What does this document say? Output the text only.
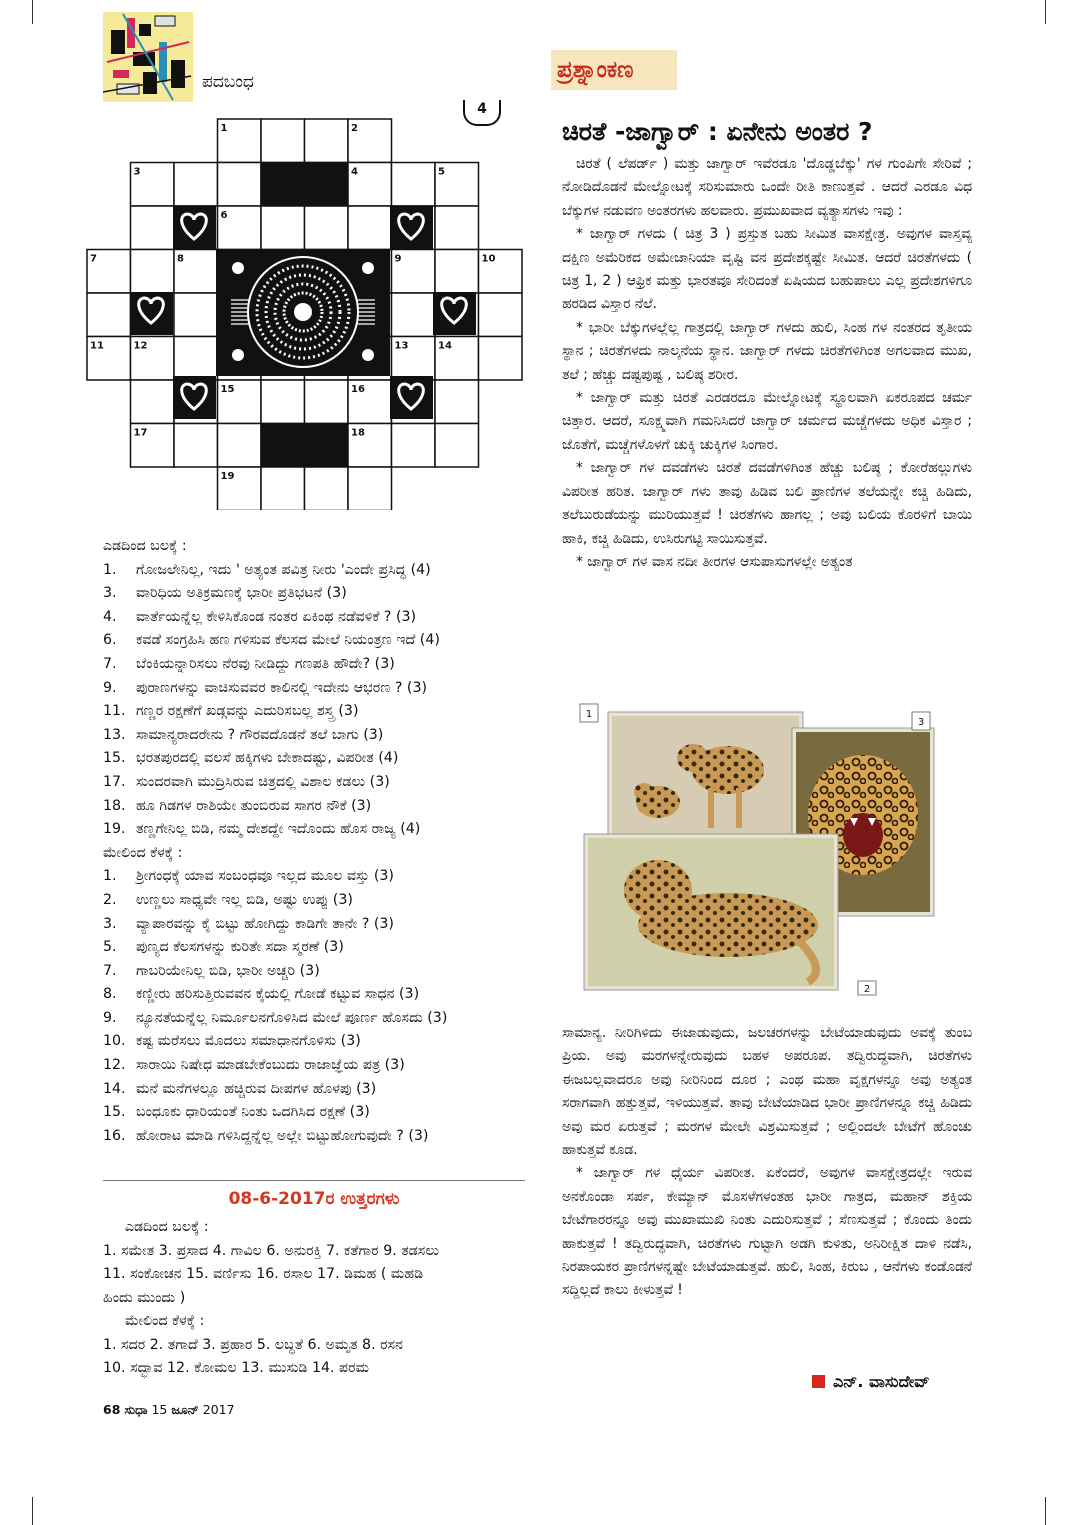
ಪದಬಂಧ
4
1	2
3	4	5
6
7	8	9	10
11	12	13	14
15	16
17	18
19
ಎಡದಿಂದ ಬಲಕ್ಕೆ :
1. ಗೋಜಲೇನಿಲ್ಲ, ಇದು ' ಅತ್ಯಂತ ಪವಿತ್ರ ನೀರು 'ಎಂದೇ ಪ್ರಸಿದ್ಧ (4)
3. ವಾರಿಧಿಯ ಅತಿಕ್ರಮಣಕ್ಕೆ ಭಾರೀ ಪ್ರತಿಭಟನೆ (3)
4. ವಾರ್ತೆಯನ್ನೆಲ್ಲ ಕೇಳಿಸಿಕೊಂಡ ನಂತರ ಏಕಿಂಥ ನಡೆವಳಿಕೆ ? (3)
6. ಕವಡೆ ಸಂಗ್ರಹಿಸಿ ಹಣ ಗಳಿಸುವ ಕೆಲಸದ ಮೇಲೆ ನಿಯಂತ್ರಣ ಇದೆ (4)
7. ಬೆಂಕಿಯನ್ನಾರಿಸಲು ನೆರವು ನೀಡಿದ್ದು ಗಣಪತಿ ಹೌದೇ? (3)
9. ಪುರಾಣಗಳನ್ನು ವಾಚಿಸುವವರ ಕಾಲಿನಲ್ಲಿ ಇದೇನು ಆಭರಣ ? (3)
11. ಗಣ್ಣರ ರಕ್ಷಣೆಗೆ ಖಡ್ಗವನ್ನು ಎದುರಿಸಬಲ್ಲ ಶಸ್ತ್ರ (3)
13. ಸಾಮಾನ್ಯರಾದರೇನು ? ಗೌರವದೊಡನೆ ತಲೆ ಬಾಗು (3)
15. ಭರತಪುರದಲ್ಲಿ ವಲಸೆ ಹಕ್ಕಿಗಳು ಬೇಕಾದಷ್ಟು, ವಿಪರೀತ (4)
17. ಸುಂದರವಾಗಿ ಮುದ್ರಿಸಿರುವ ಚಿತ್ರದಲ್ಲಿ ವಿಶಾಲ ಕಡಲು (3)
18. ಹೂ ಗಿಡಗಳ ರಾಶಿಯೇ ತುಂಬಿರುವ ಸಾಗರ ನೌಕೆ (3)
19. ತಣ್ಣಗೇನಿಲ್ಲ ಬಿಡಿ, ನಮ್ಮ ದೇಶದ್ದೇ ಇದೊಂದು ಹೊಸ ರಾಜ್ಯ (4)
ಮೇಲಿಂದ ಕೆಳಕ್ಕೆ :
1. ಶ್ರೀಗಂಧಕ್ಕೆ ಯಾವ ಸಂಬಂಧವೂ ಇಲ್ಲದ ಮೂಲ ವಸ್ತು (3)
2. ಉಣ್ಣಲು ಸಾಧ್ಯವೇ ಇಲ್ಲ ಬಿಡಿ, ಅಷ್ಟು ಉಪ್ಪು (3)
3. ವ್ಯಾಪಾರವನ್ನು ಕೈ ಬಿಟ್ಟು ಹೋಗಿದ್ದು ಕಾಡಿಗೇ ತಾನೇ ? (3)
5. ಪುಣ್ಯದ ಕೆಲಸಗಳನ್ನು ಕುರಿತೇ ಸದಾ ಸ್ಮರಣೆ (3)
7. ಗಾಬರಿಯೇನಿಲ್ಲ ಬಿಡಿ, ಭಾರೀ ಅಚ್ಚರಿ (3)
8. ಕಣ್ಣೀರು ಹರಿಸುತ್ತಿರುವವನ ಕೈಯಲ್ಲಿ ಗೋಡೆ ಕಟ್ಟುವ ಸಾಧನ (3)
9. ನ್ಯೂನತೆಯನ್ನೆಲ್ಲ ನಿರ್ಮೂಲನಗೊಳಿಸಿದ ಮೇಲೆ ಪೂರ್ಣ ಹೊಸದು (3)
10. ಕಷ್ಟ ಮರೆಸಲು ಮೊದಲು ಸಮಾಧಾನಗೊಳಿಸು (3)
12. ಸಾರಾಯಿ ನಿಷೇಧ ಮಾಡಬೇಕೆಂಬುದು ರಾಜಾಜ್ಞೆಯ ಪತ್ರ (3)
14. ಮನೆ ಮನೆಗಳಲ್ಲೂ ಹಚ್ಚಿರುವ ದೀಪಗಳ ಹೊಳಪು (3)
15. ಬಂಧೂಕು ಧಾರಿಯಂತೆ ನಿಂತು ಒದಗಿಸಿದ ರಕ್ಷಣೆ (3)
16. ಹೋರಾಟ ಮಾಡಿ ಗಳಿಸಿದ್ದನ್ನೆಲ್ಲ ಅಲ್ಲೇ ಬಿಟ್ಟುಹೋಗುವುದೇ ? (3)
08-6-2017ರ ಉತ್ತರಗಳು
ಎಡದಿಂದ ಬಲಕ್ಕೆ :
1. ಸಮೇತ 3. ಪ್ರಸಾದ 4. ಗಾವಿಲ 6. ಅನುರಕ್ತಿ 7. ಕತೆಗಾರ 9. ತಡಸಲು
11. ಸಂಕೋಚನ 15. ವರ್ಣಿಸು 16. ರಸಾಲ 17. ಡಿಮಹ ( ಮಹಡಿ
ಹಿಂದು ಮುಂದು )
ಮೇಲಿಂದ ಕೆಳಕ್ಕೆ :
1. ಸದರ 2. ತಗಾದೆ 3. ಪ್ರಹಾರ 5. ಲಬ್ಧತೆ 6. ಅಮೃತ 8. ರಸನ
10. ಸದ್ಭಾವ 12. ಕೋಮಲ 13. ಮುಸುಡಿ 14. ಪರಮ
68 ಸುಧಾ 15 ಜೂನ್ 2017
ಪ್ರಶ್ನಾಂಕಣ
ಚಿರತೆ -ಜಾಗ್ವಾರ್ : ಏನೇನು ಅಂತರ ?

ಚಿರತೆ ( ಲೆಪರ್ಡ್ ) ಮತ್ತು ಜಾಗ್ವಾರ್ ಇವೆರಡೂ 'ದೊಡ್ಡಬೆಕ್ಕು' ಗಳ ಗುಂಪಿಗೇ ಸೇರಿವೆ ; ನೋಡಿದೊಡನೆ ಮೇಲ್ನೋಟಕ್ಕೆ ಸರಿಸುಮಾರು ಒಂದೇ ರೀತಿ ಕಾಣುತ್ತವೆ . ಆದರೆ ಎರಡೂ ವಿಧ ಬೆಕ್ಕುಗಳ ನಡುವಣ ಅಂತರಗಳು ಹಲವಾರು. ಪ್ರಮುಖವಾದ ವ್ಯತ್ಯಾಸಗಳು ಇವು :

* ಜಾಗ್ವಾರ್ ಗಳದು ( ಚಿತ್ರ 3 ) ಪ್ರಸ್ತುತ ಬಹು ಸೀಮಿತ ವಾಸಕ್ಷೇತ್ರ. ಅವುಗಳ ವಾಸ್ತವ್ಯ ದಕ್ಷಿಣ ಅಮೆರಿಕದ ಅಮೇಜಾನಿಯಾ ವೃಷ್ಟಿ ವನ ಪ್ರದೇಶಕ್ಕಷ್ಟೇ ಸೀಮಿತ. ಆದರೆ ಚಿರತೆಗಳದು ( ಚಿತ್ರ 1, 2 ) ಆಫ್ರಿಕ ಮತ್ತು ಭಾರತವೂ ಸೇರಿದಂತೆ ಏಷಿಯದ ಬಹುಪಾಲು ಎಲ್ಲ ಪ್ರದೇಶಗಳಿಗೂ ಹರಡಿದ ವಿಸ್ತಾರ ನೆಲೆ.

* ಭಾರೀ ಬೆಕ್ಕುಗಳಲ್ಲೆಲ್ಲ ಗಾತ್ರದಲ್ಲಿ ಜಾಗ್ವಾರ್ ಗಳದು ಹುಲಿ, ಸಿಂಹ ಗಳ ನಂತರದ ತೃತೀಯ ಸ್ಥಾನ ; ಚಿರತೆಗಳದು ನಾಲ್ಕನೆಯ ಸ್ಥಾನ. ಜಾಗ್ವಾರ್ ಗಳದು ಚಿರತೆಗಳಿಗಿಂತ ಅಗಲವಾದ ಮುಖ, ತಲೆ ; ಹೆಚ್ಚು ದಷ್ಟಪುಷ್ಟ , ಬಲಿಷ್ಠ ಶರೀರ.

* ಜಾಗ್ವಾರ್ ಮತ್ತು ಚಿರತೆ ಎರಡರದೂ ಮೇಲ್ನೋಟಕ್ಕೆ ಸ್ಥೂಲವಾಗಿ ಏಕರೂಪದ ಚರ್ಮ ಚಿತ್ತಾರ. ಆದರೆ, ಸೂಕ್ಷ್ಮವಾಗಿ ಗಮನಿಸಿದರೆ ಜಾಗ್ವಾರ್ ಚರ್ಮದ ಮಚ್ಚೆಗಳದು ಅಧಿಕ ವಿಸ್ತಾರ ; ಜೊತೆಗೆ, ಮಚ್ಚೆಗಳೊಳಗೆ ಚುಕ್ಕಿ ಚುಕ್ಕಿಗಳ ಸಿಂಗಾರ.

* ಜಾಗ್ವಾರ್ ಗಳ ದವಡೆಗಳು ಚಿರತೆ ದವಡೆಗಳಿಗಿಂತ ಹೆಚ್ಚು ಬಲಿಷ್ಠ ; ಕೋರೆಹಲ್ಲುಗಳು ವಿಪರೀತ ಹರಿತ. ಜಾಗ್ವಾರ್ ಗಳು ತಾವು ಹಿಡಿವ ಬಲಿ ಪ್ರಾಣಿಗಳ ತಲೆಯನ್ನೇ ಕಚ್ಚಿ ಹಿಡಿದು, ತಲೆಬುರುಡೆಯನ್ನು ಮುರಿಯುತ್ತವೆ ! ಚಿರತೆಗಳು ಹಾಗಲ್ಲ ; ಅವು ಬಲಿಯ ಕೊರಳಿಗೆ ಬಾಯಿ ಹಾಕಿ, ಕಚ್ಚಿ ಹಿಡಿದು, ಉಸಿರುಗಟ್ಟಿ ಸಾಯಿಸುತ್ತವೆ.

* ಜಾಗ್ವಾರ್ ಗಳ ವಾಸ ನದೀ ತೀರಗಳ ಆಸುಪಾಸುಗಳಲ್ಲೇ ಅತ್ಯಂತ

1
3
2

ಸಾಮಾನ್ಯ. ನೀರಿಗಿಳಿದು ಈಜಾಡುವುದು, ಜಲಚರಗಳನ್ನು ಬೇಟೆಯಾಡುವುದು ಅವಕ್ಕೆ ತುಂಬ ಪ್ರಿಯ. ಅವು ಮರಗಳನ್ನೇರುವುದು ಬಹಳ ಅಪರೂಪ. ತದ್ವಿರುದ್ಧವಾಗಿ, ಚಿರತೆಗಳು ಈಜಬಲ್ಲವಾದರೂ ಅವು ನೀರಿನಿಂದ ದೂರ ; ಎಂಥ ಮಹಾ ವೃಕ್ಷಗಳನ್ನೂ ಅವು ಅತ್ಯಂತ ಸರಾಗವಾಗಿ ಹತ್ತುತ್ತವೆ, ಇಳಿಯುತ್ತವೆ. ತಾವು ಬೇಟೆಯಾಡಿದ ಭಾರೀ ಪ್ರಾಣಿಗಳನ್ನೂ ಕಚ್ಚಿ ಹಿಡಿದು ಅವು ಮರ ಏರುತ್ತವೆ ; ಮರಗಳ ಮೇಲೇ ವಿಶ್ರಮಿಸುತ್ತವೆ ; ಅಲ್ಲಿಂದಲೇ ಬೇಟೆಗೆ ಹೊಂಚು ಹಾಕುತ್ತವೆ ಕೂಡ.

* ಜಾಗ್ವಾರ್ ಗಳ ಧೈರ್ಯ ವಿಪರೀತ. ಏಕೆಂದರೆ, ಅವುಗಳ ವಾಸಕ್ಷೇತ್ರದಲ್ಲೇ ಇರುವ ಅನಕೊಂಡಾ ಸರ್ಪ, ಕೇಮ್ಯಾನ್ ಮೊಸಳೆಗಳಂತಹ ಭಾರೀ ಗಾತ್ರದ, ಮಹಾನ್ ಶಕ್ತಿಯ ಬೇಟೆಗಾರರನ್ನೂ ಅವು ಮುಖಾಮುಖಿ ನಿಂತು ಎದುರಿಸುತ್ತವೆ ; ಸೆಣಸುತ್ತವೆ ; ಕೊಂದು ತಿಂದು ಹಾಕುತ್ತವೆ ! ತದ್ವಿರುದ್ಧವಾಗಿ, ಚಿರತೆಗಳು ಗುಟ್ಟಾಗಿ ಅಡಗಿ ಕುಳಿತು, ಅನಿರೀಕ್ಷಿತ ದಾಳಿ ನಡೆಸಿ, ನಿರಪಾಯಕರ ಪ್ರಾಣಿಗಳನ್ನಷ್ಟೇ ಬೇಟೆಯಾಡುತ್ತವೆ. ಹುಲಿ, ಸಿಂಹ, ಕಿರುಬ , ಆನೆಗಳು ಕಂಡೊಡನೆ ಸದ್ದಿಲ್ಲದೆ ಕಾಲು ಕೀಳುತ್ತವೆ !

ಎನ್. ವಾಸುದೇವ್
